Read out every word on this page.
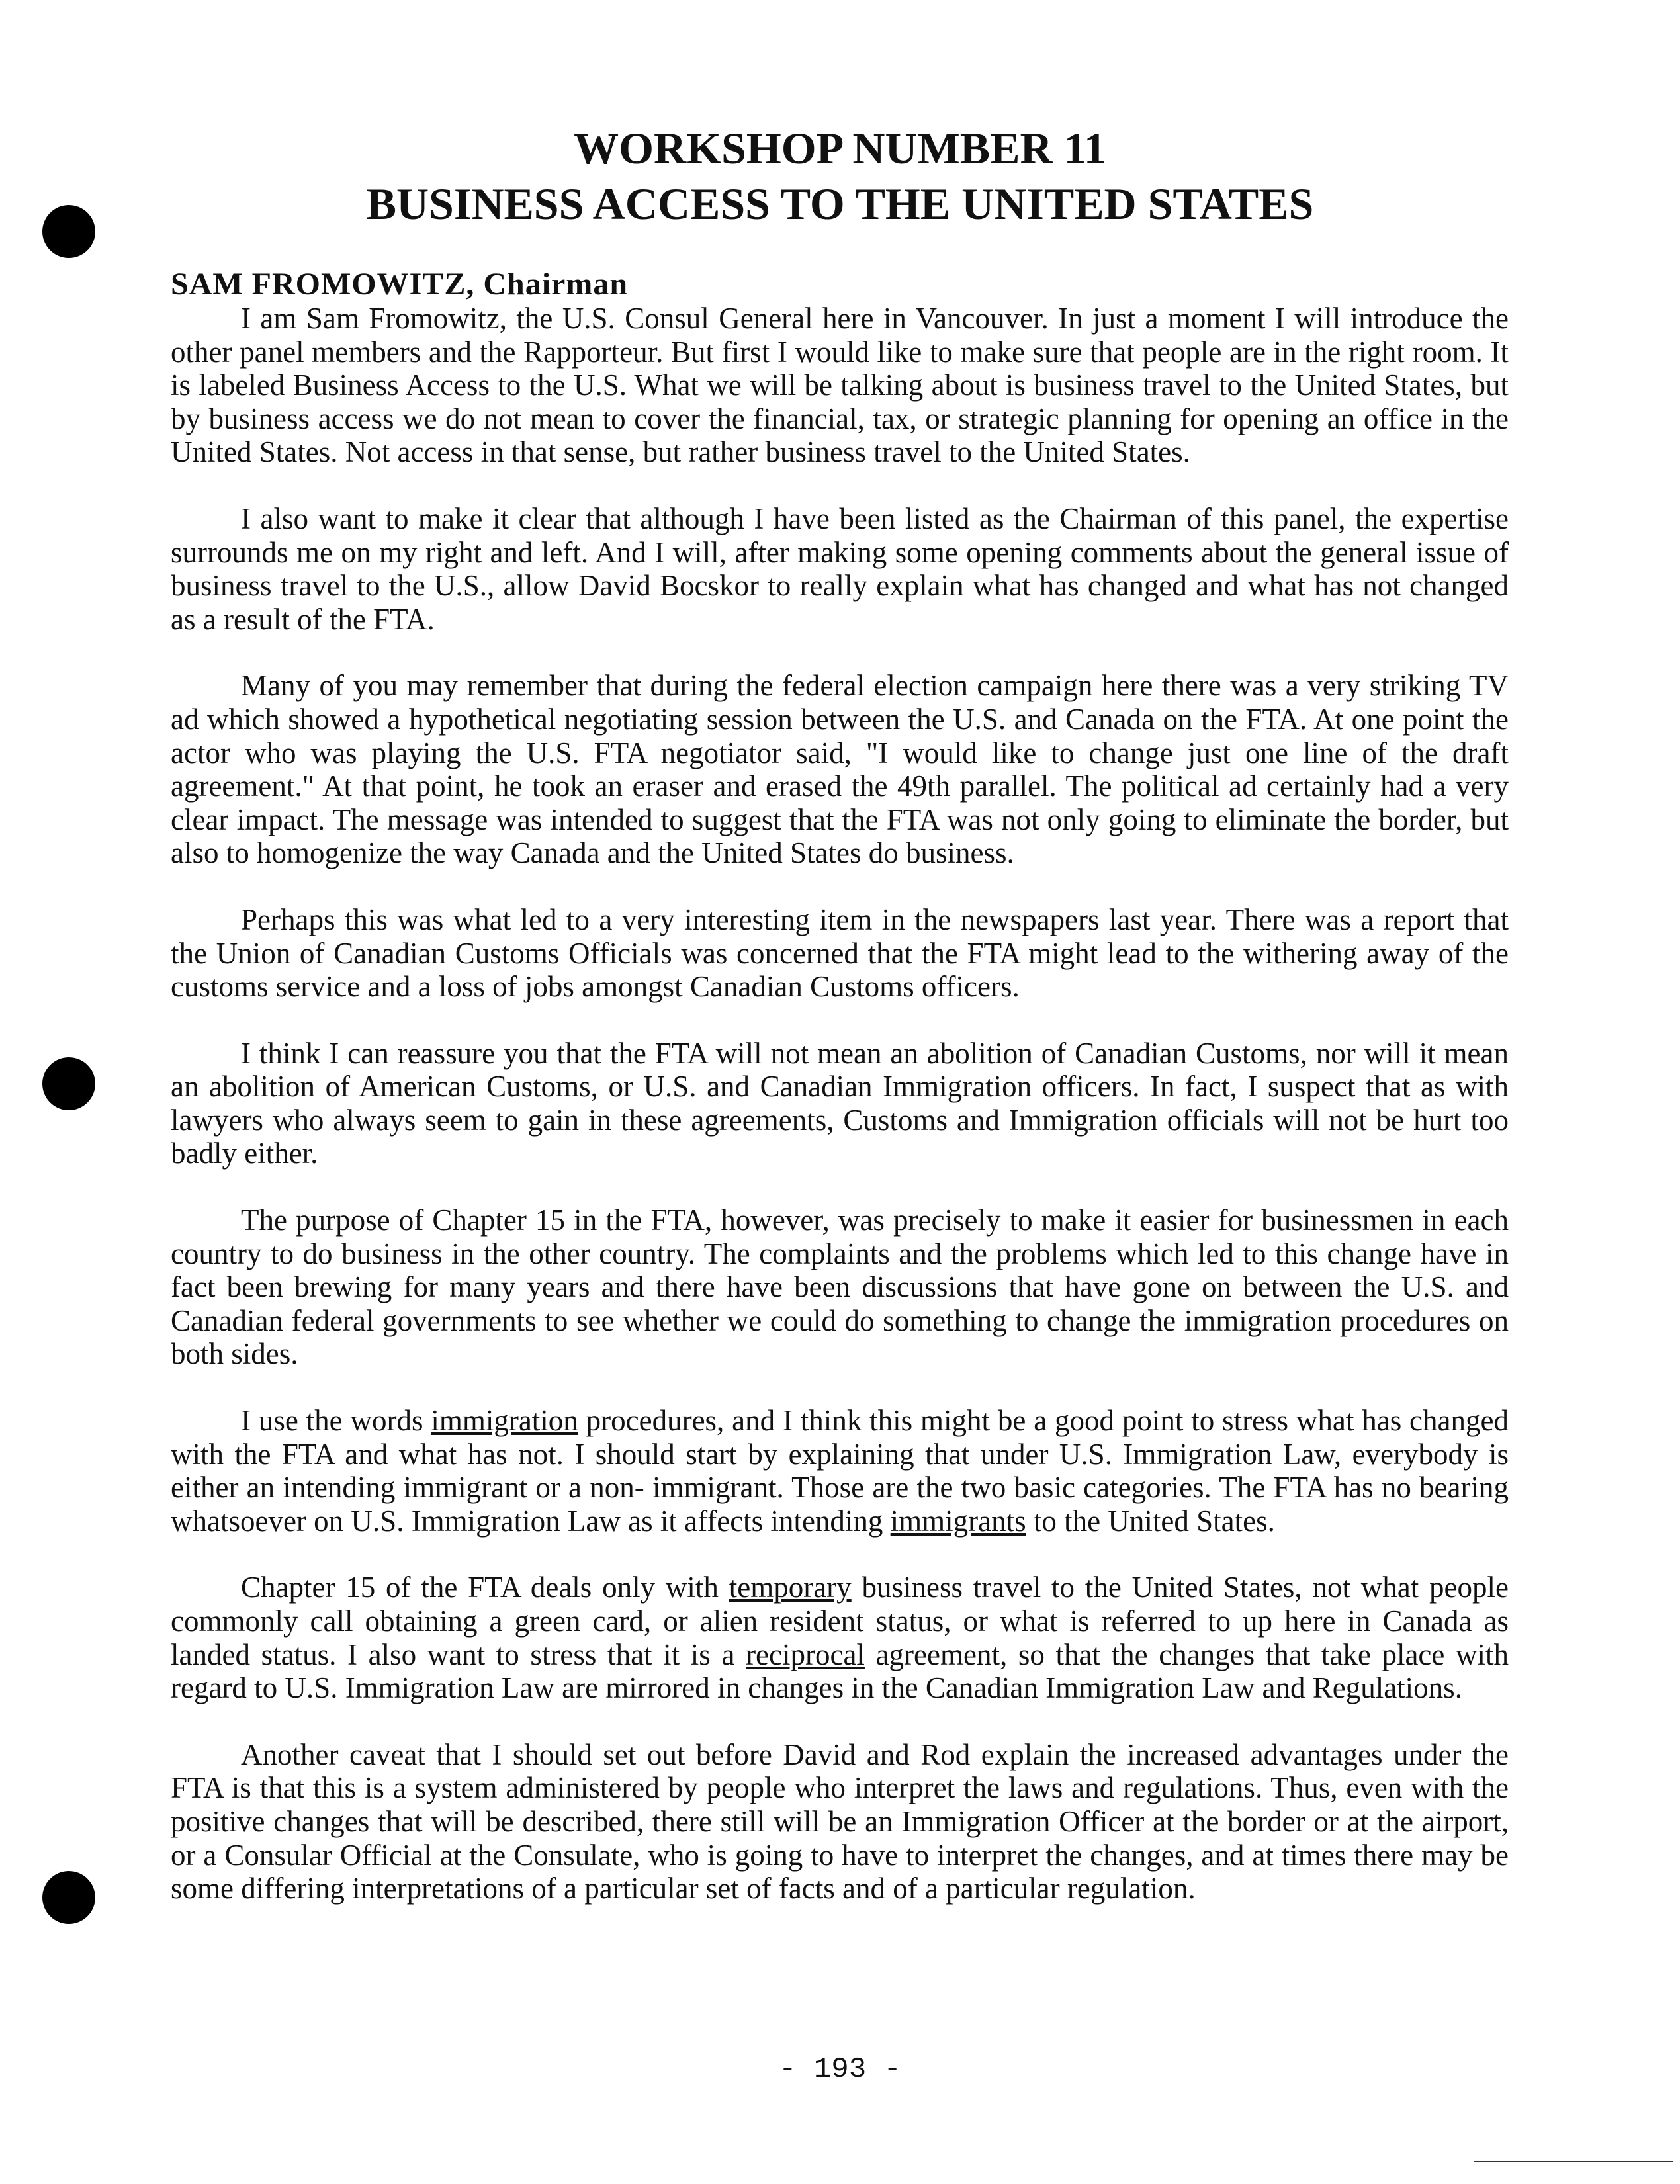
WORKSHOP NUMBER 11
BUSINESS ACCESS TO THE UNITED STATES

SAM FROMOWITZ, Chairman

I am Sam Fromowitz, the U.S. Consul General here in Vancouver. In just a moment I will introduce the other panel members and the Rapporteur. But first I would like to make sure that people are in the right room. It is labeled Business Access to the U.S. What we will be talking about is business travel to the United States, but by business access we do not mean to cover the financial, tax, or strategic planning for opening an office in the United States. Not access in that sense, but rather business travel to the United States.

I also want to make it clear that although I have been listed as the Chairman of this panel, the expertise surrounds me on my right and left. And I will, after making some opening comments about the general issue of business travel to the U.S., allow David Bocskor to really explain what has changed and what has not changed as a result of the FTA.

Many of you may remember that during the federal election campaign here there was a very striking TV ad which showed a hypothetical negotiating session between the U.S. and Canada on the FTA. At one point the actor who was playing the U.S. FTA negotiator said, "I would like to change just one line of the draft agreement." At that point, he took an eraser and erased the 49th parallel. The political ad certainly had a very clear impact. The message was intended to suggest that the FTA was not only going to eliminate the border, but also to homogenize the way Canada and the United States do business.

Perhaps this was what led to a very interesting item in the newspapers last year. There was a report that the Union of Canadian Customs Officials was concerned that the FTA might lead to the withering away of the customs service and a loss of jobs amongst Canadian Customs officers.

I think I can reassure you that the FTA will not mean an abolition of Canadian Customs, nor will it mean an abolition of American Customs, or U.S. and Canadian Immigration officers. In fact, I suspect that as with lawyers who always seem to gain in these agreements, Customs and Immigration officials will not be hurt too badly either.

The purpose of Chapter 15 in the FTA, however, was precisely to make it easier for businessmen in each country to do business in the other country. The complaints and the problems which led to this change have in fact been brewing for many years and there have been discussions that have gone on between the U.S. and Canadian federal governments to see whether we could do something to change the immigration procedures on both sides.

I use the words immigration procedures, and I think this might be a good point to stress what has changed with the FTA and what has not. I should start by explaining that under U.S. Immigration Law, everybody is either an intending immigrant or a non- immigrant. Those are the two basic categories. The FTA has no bearing whatsoever on U.S. Immigration Law as it affects intending immigrants to the United States.

Chapter 15 of the FTA deals only with temporary business travel to the United States, not what people commonly call obtaining a green card, or alien resident status, or what is referred to up here in Canada as landed status. I also want to stress that it is a reciprocal agreement, so that the changes that take place with regard to U.S. Immigration Law are mirrored in changes in the Canadian Immigration Law and Regulations.

Another caveat that I should set out before David and Rod explain the increased advantages under the FTA is that this is a system administered by people who interpret the laws and regulations. Thus, even with the positive changes that will be described, there still will be an Immigration Officer at the border or at the airport, or a Consular Official at the Consulate, who is going to have to interpret the changes, and at times there may be some differing interpretations of a particular set of facts and of a particular regulation.

- 193 -
